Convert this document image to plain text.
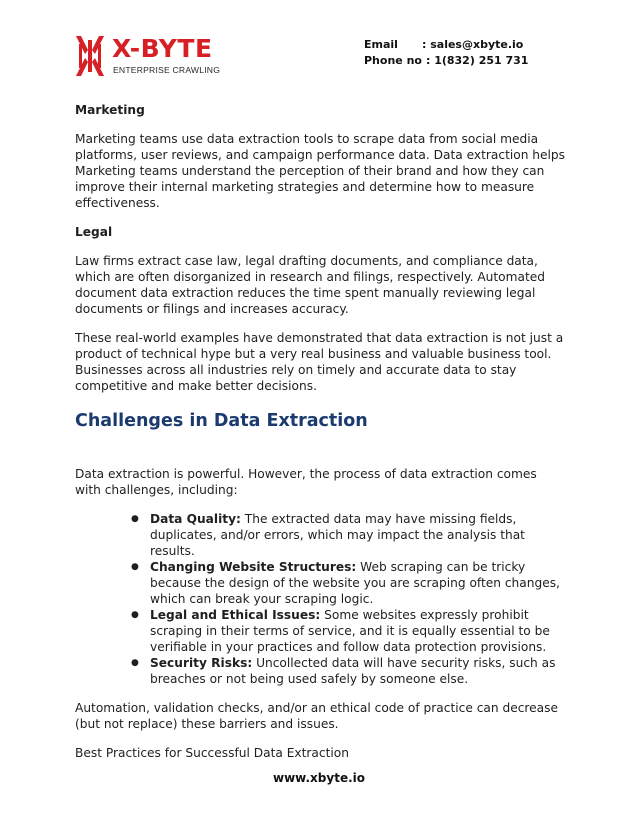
X-BYTE
ENTERPRISE CRAWLING
Email	: sales@xbyte.io
Phone no : 1(832) 251 731

Marketing

Marketing teams use data extraction tools to scrape data from social media platforms, user reviews, and campaign performance data. Data extraction helps Marketing teams understand the perception of their brand and how they can improve their internal marketing strategies and determine how to measure effectiveness.

Legal

Law firms extract case law, legal drafting documents, and compliance data, which are often disorganized in research and filings, respectively. Automated document data extraction reduces the time spent manually reviewing legal documents or filings and increases accuracy.

These real-world examples have demonstrated that data extraction is not just a product of technical hype but a very real business and valuable business tool. Businesses across all industries rely on timely and accurate data to stay competitive and make better decisions.

Challenges in Data Extraction

Data extraction is powerful. However, the process of data extraction comes with challenges, including:

● Data Quality: The extracted data may have missing fields, duplicates, and/or errors, which may impact the analysis that results.
● Changing Website Structures: Web scraping can be tricky because the design of the website you are scraping often changes, which can break your scraping logic.
● Legal and Ethical Issues: Some websites expressly prohibit scraping in their terms of service, and it is equally essential to be verifiable in your practices and follow data protection provisions.
● Security Risks: Uncollected data will have security risks, such as breaches or not being used safely by someone else.

Automation, validation checks, and/or an ethical code of practice can decrease (but not replace) these barriers and issues.

Best Practices for Successful Data Extraction

www.xbyte.io
